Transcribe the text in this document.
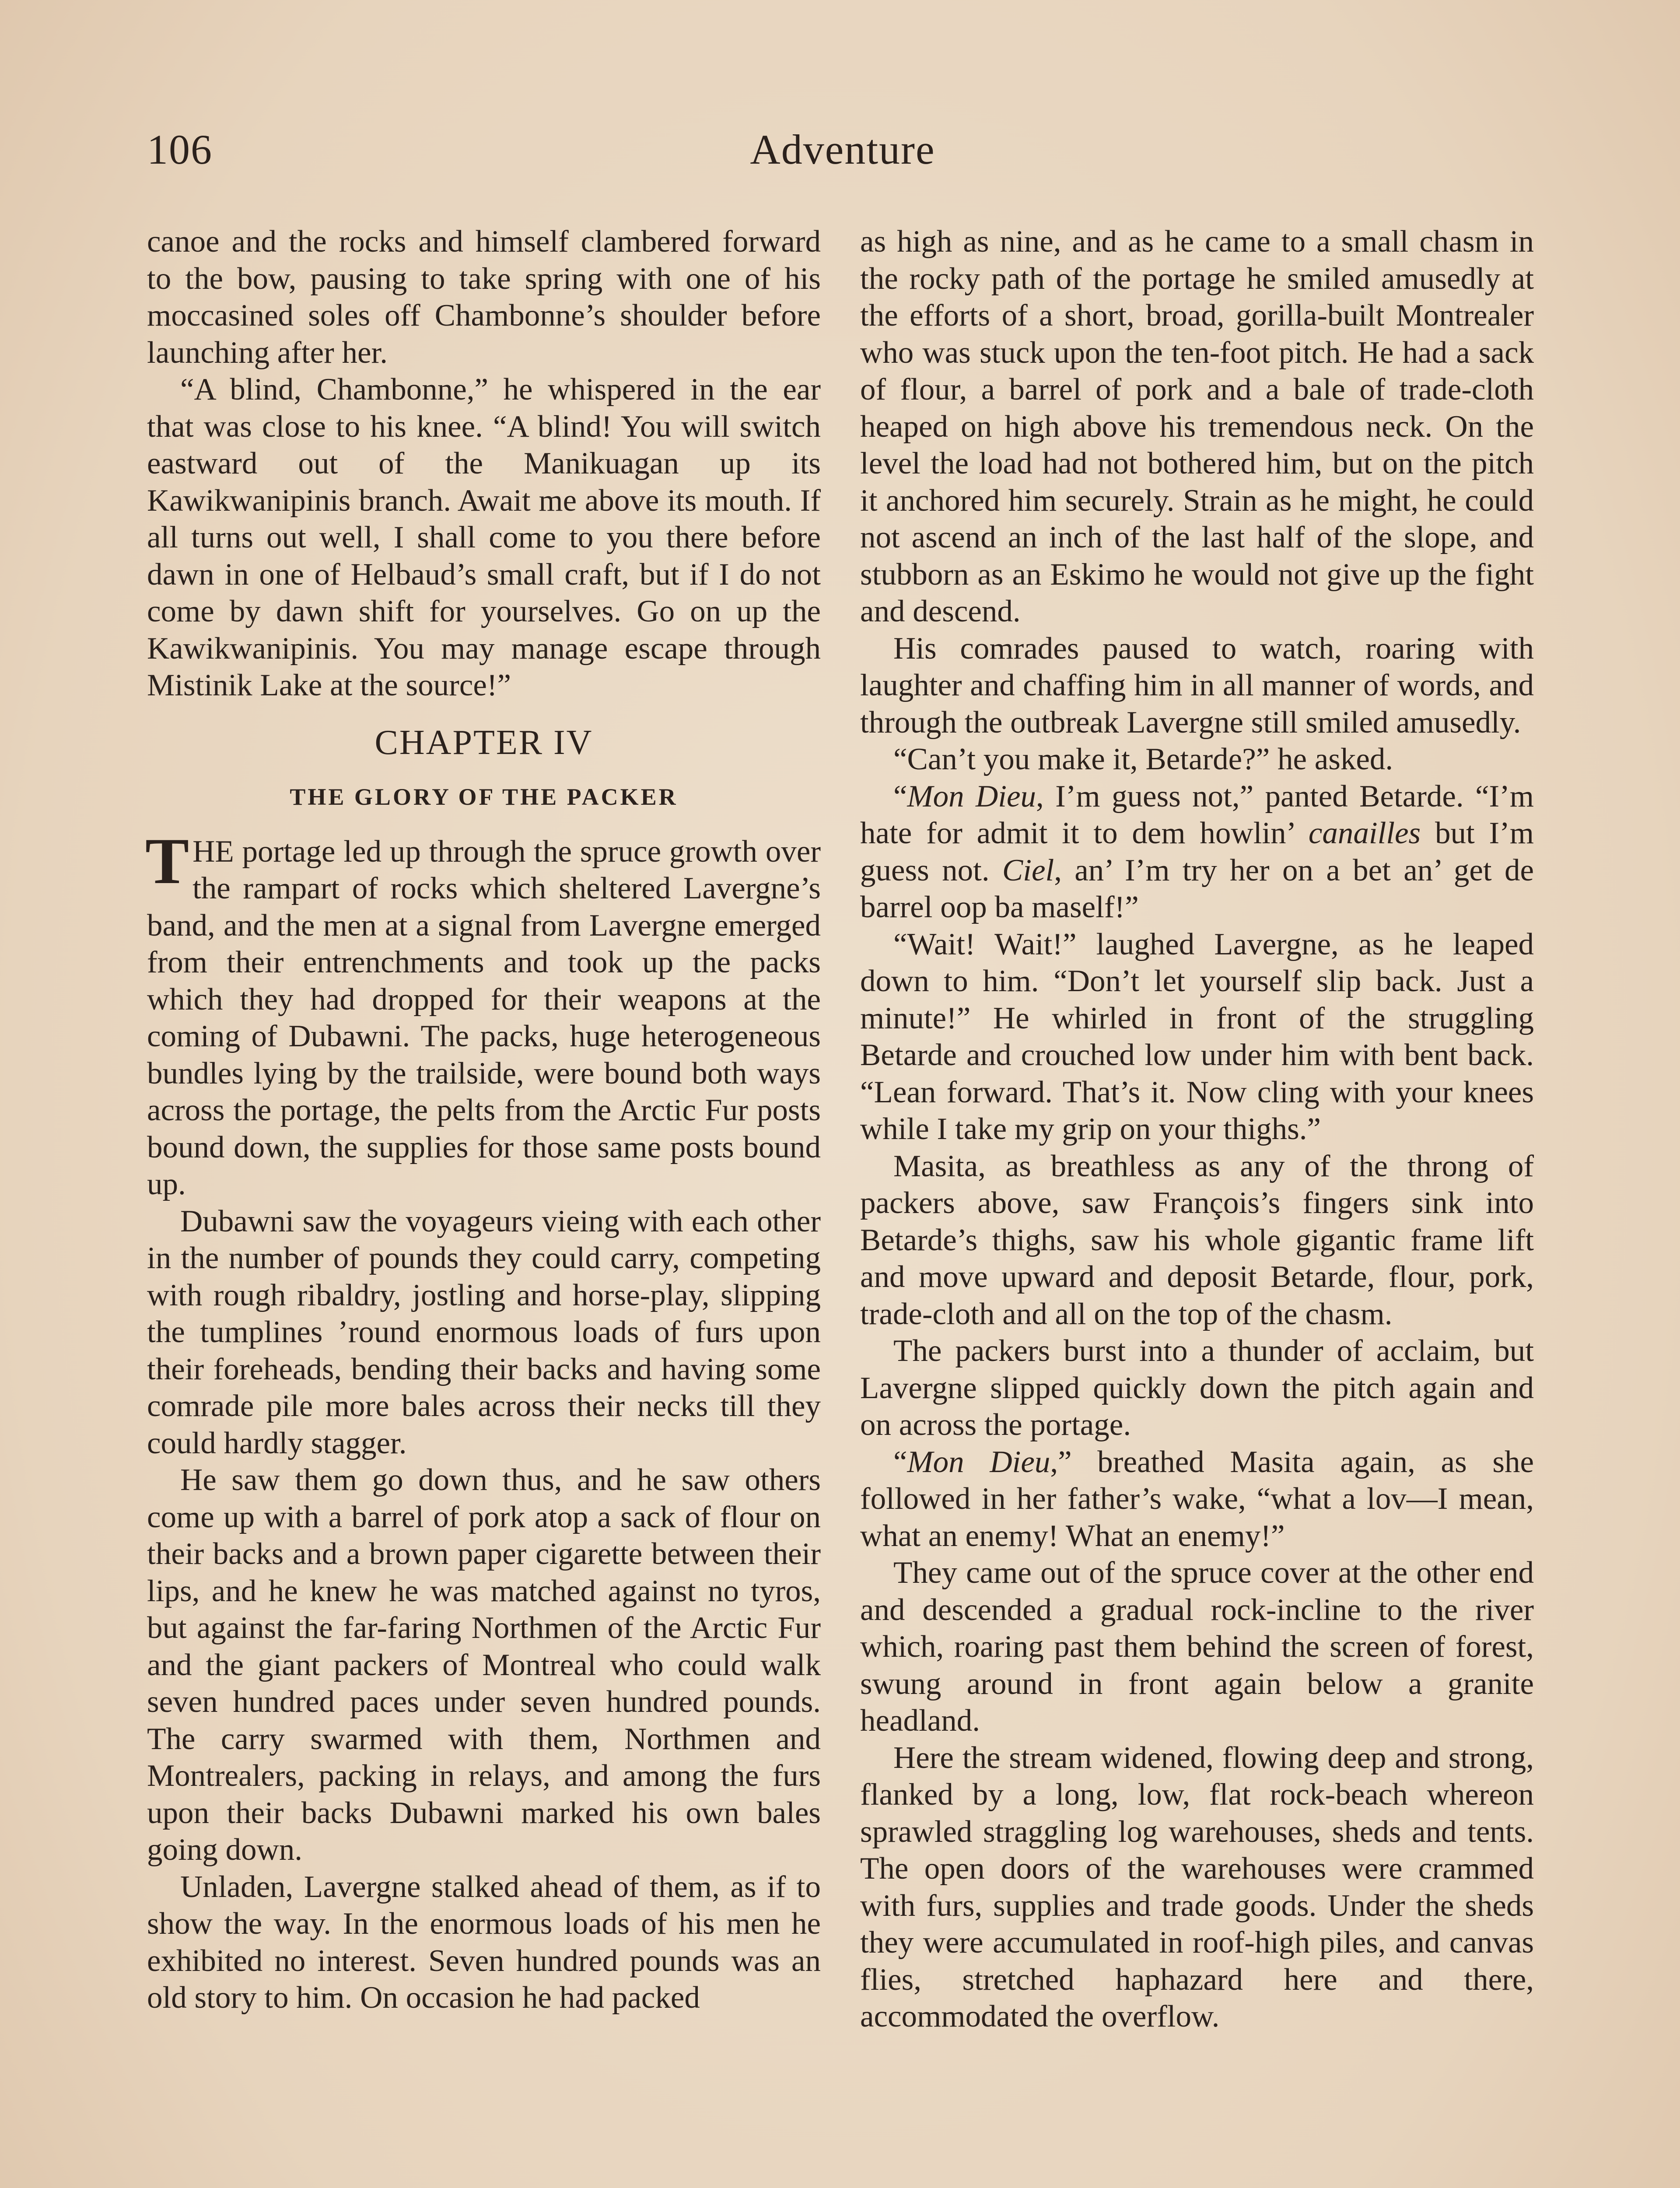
106	Adventure

canoe and the rocks and himself clambered forward to the bow, pausing to take spring with one of his moccasined soles off Chambonne’s shoulder before launching after her.

“A blind, Chambonne,” he whispered in the ear that was close to his knee. “A blind! You will switch eastward out of the Manikuagan up its Kawikwanipinis branch. Await me above its mouth. If all turns out well, I shall come to you there before dawn in one of Helbaud’s small craft, but if I do not come by dawn shift for yourselves. Go on up the Kawikwanipinis. You may manage escape through Mistinik Lake at the source!”

CHAPTER IV
THE GLORY OF THE PACKER

THE portage led up through the spruce growth over the rampart of rocks which sheltered Lavergne’s band, and the men at a signal from Lavergne emerged from their entrenchments and took up the packs which they had dropped for their weapons at the coming of Dubawni. The packs, huge heterogeneous bundles lying by the trailside, were bound both ways across the portage, the pelts from the Arctic Fur posts bound down, the supplies for those same posts bound up.

Dubawni saw the voyageurs vieing with each other in the number of pounds they could carry, competing with rough ribaldry, jostling and horse-play, slipping the tumplines ’round enormous loads of furs upon their foreheads, bending their backs and having some comrade pile more bales across their necks till they could hardly stagger.

He saw them go down thus, and he saw others come up with a barrel of pork atop a sack of flour on their backs and a brown paper cigarette between their lips, and he knew he was matched against no tyros, but against the far-faring Northmen of the Arctic Fur and the giant packers of Montreal who could walk seven hundred paces under seven hundred pounds. The carry swarmed with them, Northmen and Montrealers, packing in relays, and among the furs upon their backs Dubawni marked his own bales going down.

Unladen, Lavergne stalked ahead of them, as if to show the way. In the enormous loads of his men he exhibited no interest. Seven hundred pounds was an old story to him. On occasion he had packed

as high as nine, and as he came to a small chasm in the rocky path of the portage he smiled amusedly at the efforts of a short, broad, gorilla-built Montrealer who was stuck upon the ten-foot pitch. He had a sack of flour, a barrel of pork and a bale of trade-cloth heaped on high above his tremendous neck. On the level the load had not bothered him, but on the pitch it anchored him securely. Strain as he might, he could not ascend an inch of the last half of the slope, and stubborn as an Eskimo he would not give up the fight and descend.

His comrades paused to watch, roaring with laughter and chaffing him in all manner of words, and through the outbreak Lavergne still smiled amusedly.

“Can’t you make it, Betarde?” he asked.

“Mon Dieu, I’m guess not,” panted Betarde. “I’m hate for admit it to dem howlin’ canailles but I’m guess not. Ciel, an’ I’m try her on a bet an’ get de barrel oop ba maself!”

“Wait! Wait!” laughed Lavergne, as he leaped down to him. “Don’t let yourself slip back. Just a minute!” He whirled in front of the struggling Betarde and crouched low under him with bent back. “Lean forward. That’s it. Now cling with your knees while I take my grip on your thighs.”

Masita, as breathless as any of the throng of packers above, saw François’s fingers sink into Betarde’s thighs, saw his whole gigantic frame lift and move upward and deposit Betarde, flour, pork, trade-cloth and all on the top of the chasm.

The packers burst into a thunder of acclaim, but Lavergne slipped quickly down the pitch again and on across the portage.

“Mon Dieu,” breathed Masita again, as she followed in her father’s wake, “what a lov—I mean, what an enemy! What an enemy!”

They came out of the spruce cover at the other end and descended a gradual rock-incline to the river which, roaring past them behind the screen of forest, swung around in front again below a granite headland.

Here the stream widened, flowing deep and strong, flanked by a long, low, flat rock-beach whereon sprawled straggling log warehouses, sheds and tents. The open doors of the warehouses were crammed with furs, supplies and trade goods. Under the sheds they were accumulated in roof-high piles, and canvas flies, stretched haphazard here and there, accommodated the overflow.
